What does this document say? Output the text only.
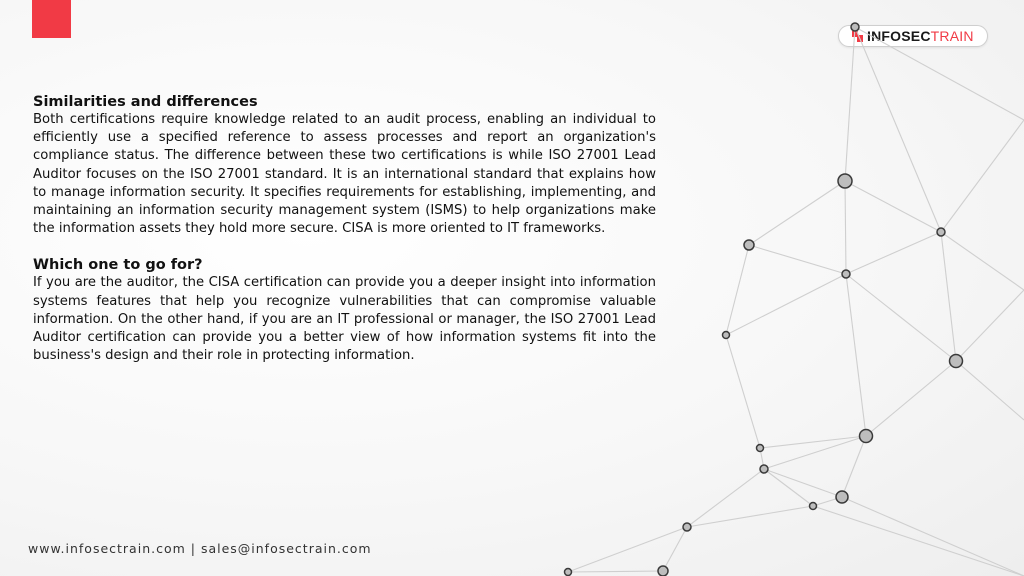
INFOSECTRAIN
Similarities and differences

Both certifications require knowledge related to an audit process, enabling an individual to efficiently use a specified reference to assess processes and report an organization's compliance status. The difference between these two certifications is while ISO 27001 Lead Auditor focuses on the ISO 27001 standard. It is an international standard that explains how to manage information security. It specifies requirements for establishing, implementing, and maintaining an information security management system (ISMS) to help organizations make the information assets they hold more secure. CISA is more oriented to IT frameworks.

Which one to go for?

If you are the auditor, the CISA certification can provide you a deeper insight into information systems features that help you recognize vulnerabilities that can compromise valuable information. On the other hand, if you are an IT professional or manager, the ISO 27001 Lead Auditor certification can provide you a better view of how information systems fit into the business's design and their role in protecting information.

www.infosectrain.com | sales@infosectrain.com
